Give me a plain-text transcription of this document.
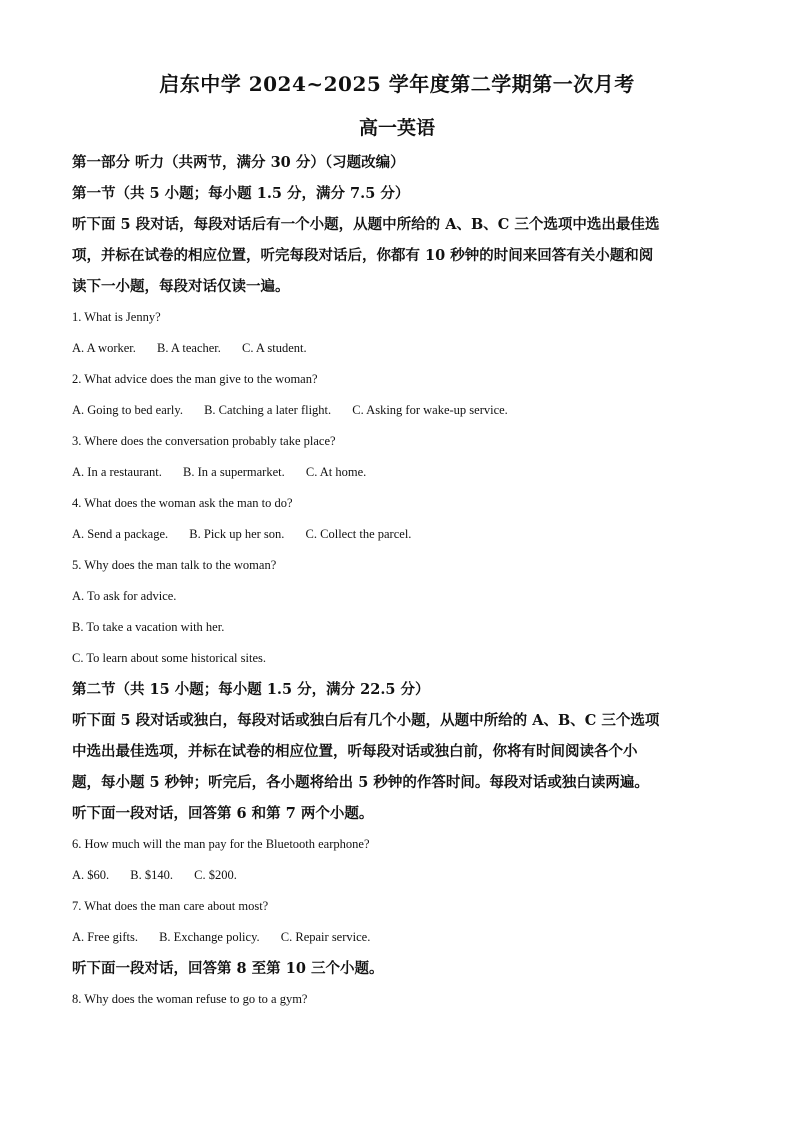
启东中学 2024~2025 学年度第二学期第一次月考
高一英语
第一部分 听力（共两节，满分 30 分）（习题改编）
第一节（共 5 小题；每小题 1.5 分，满分 7.5 分）
听下面 5 段对话，每段对话后有一个小题，从题中所给的 A、B、C 三个选项中选出最佳选
项，并标在试卷的相应位置，听完每段对话后，你都有 10 秒钟的时间来回答有关小题和阅
读下一小题，每段对话仅读一遍。
1. What is Jenny?
A. A worker. B. A teacher. C. A student.
2. What advice does the man give to the woman?
A. Going to bed early. B. Catching a later flight. C. Asking for wake-up service.
3. Where does the conversation probably take place?
A. In a restaurant. B. In a supermarket. C. At home.
4. What does the woman ask the man to do?
A. Send a package. B. Pick up her son. C. Collect the parcel.
5. Why does the man talk to the woman?
A. To ask for advice.
B. To take a vacation with her.
C. To learn about some historical sites.
第二节（共 15 小题；每小题 1.5 分，满分 22.5 分）
听下面 5 段对话或独白，每段对话或独白后有几个小题，从题中所给的 A、B、C 三个选项
中选出最佳选项，并标在试卷的相应位置，听每段对话或独白前，你将有时间阅读各个小
题，每小题 5 秒钟；听完后，各小题将给出 5 秒钟的作答时间。每段对话或独白读两遍。
听下面一段对话，回答第 6 和第 7 两个小题。
6. How much will the man pay for the Bluetooth earphone?
A. $60. B. $140. C. $200.
7. What does the man care about most?
A. Free gifts. B. Exchange policy. C. Repair service.
听下面一段对话，回答第 8 至第 10 三个小题。
8. Why does the woman refuse to go to a gym?
